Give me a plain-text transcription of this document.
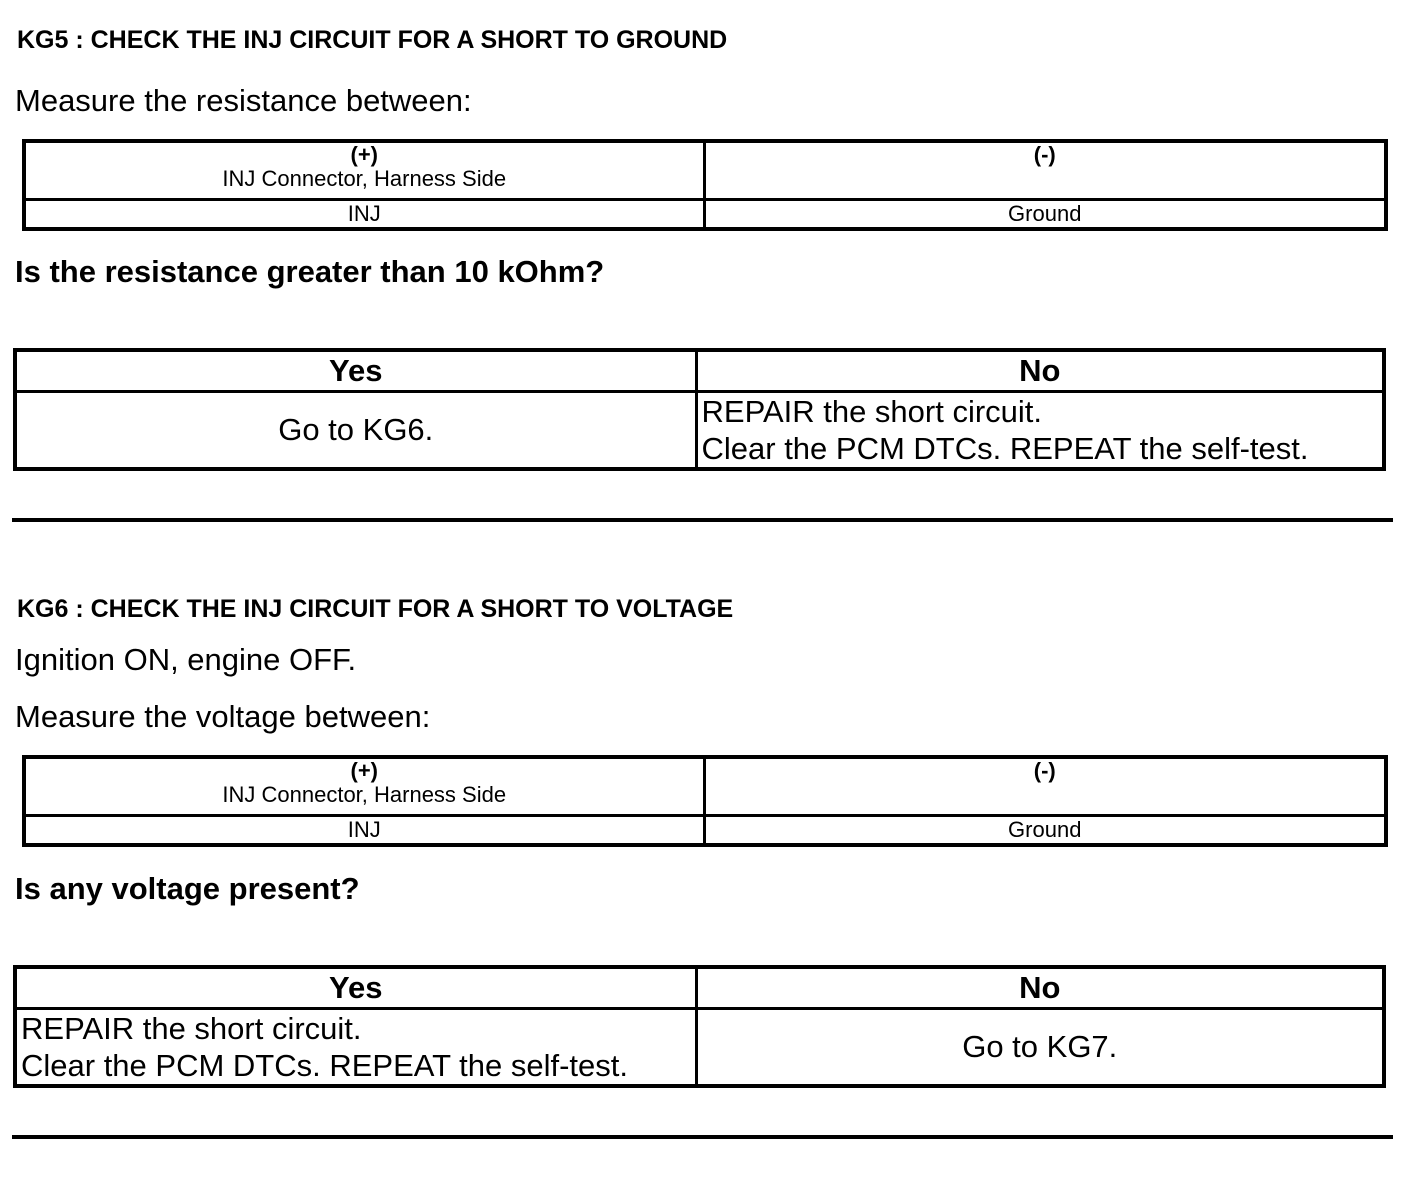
KG5 : CHECK THE INJ CIRCUIT FOR A SHORT TO GROUND
Measure the resistance between:
(+)
INJ Connector, Harness Side	(-)

INJ	Ground
Is the resistance greater than 10 kOhm?
Yes	No
Go to KG6.	REPAIR the short circuit.
Clear the PCM DTCs. REPEAT the self-test.
KG6 : CHECK THE INJ CIRCUIT FOR A SHORT TO VOLTAGE
Ignition ON, engine OFF.
Measure the voltage between:
(+)
INJ Connector, Harness Side	(-)

INJ	Ground
Is any voltage present?
Yes	No

REPAIR the short circuit.
Clear the PCM DTCs. REPEAT the self-test.	Go to KG7.
